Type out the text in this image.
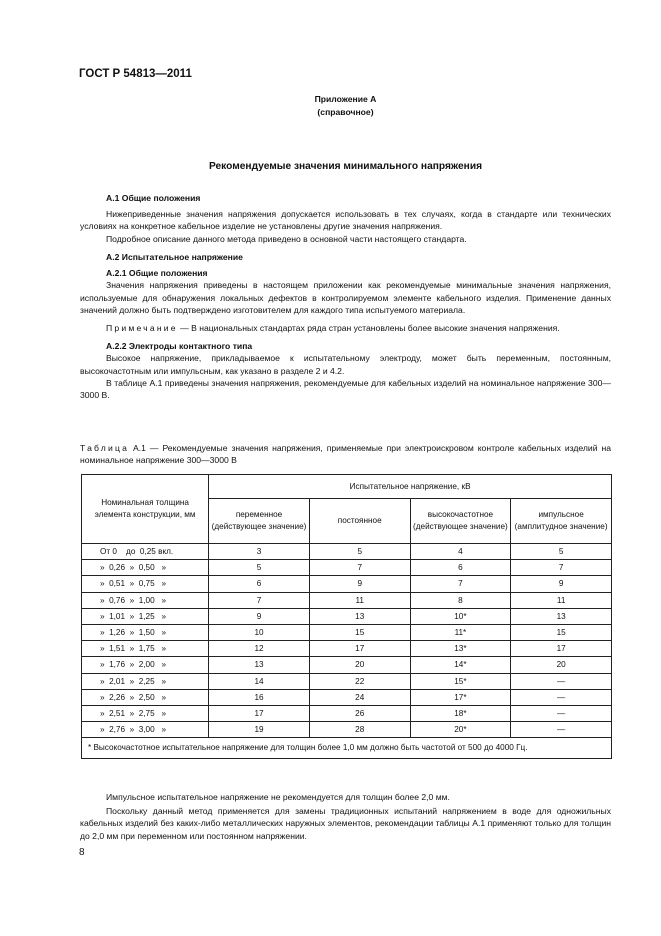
ГОСТ Р 54813—2011
Приложение А
(справочное)
Рекомендуемые значения минимального напряжения

А.1 Общие положения

Нижеприведенные значения напряжения допускается использовать в тех случаях, когда в стандарте или технических условиях на конкретное кабельное изделие не установлены другие значения напряжения.

Подробное описание данного метода приведено в основной части настоящего стандарта.

А.2 Испытательное напряжение

А.2.1 Общие положения

Значения напряжения приведены в настоящем приложении как рекомендуемые минимальные значения напряжения, используемые для обнаружения локальных дефектов в контролируемом элементе кабельного изделия. Применение данных значений должно быть подтверждено изготовителем для каждого типа испытуемого материала.

Примечание — В национальных стандартах ряда стран установлены более высокие значения напряжения.

А.2.2 Электроды контактного типа

Высокое напряжение, прикладываемое к испытательному электроду, может быть переменным, постоянным, высокочастотным или импульсным, как указано в разделе 2 и 4.2.

В таблице А.1 приведены значения напряжения, рекомендуемые для кабельных изделий на номинальное напряжение 300—3000 В.

Таблица А.1 — Рекомендуемые значения напряжения, применяемые при электроискровом контроле кабельных изделий на номинальное напряжение 300—3000 В
Номинальная толщина элемента конструкции, мм	Испытательное напряжение, кВ			
	переменное (действующее значение)	постоянное	высокочастотное (действующее значение)	импульсное (амплитудное значение)
От 0    до  0,25 вкл.	3	5	4	5
»  0,26  »  0,50   »	5	7	6	7
»  0,51  »  0,75   »	6	9	7	9
»  0,76  »  1,00   »	7	11	8	11
»  1,01  »  1,25   »	9	13	10*	13
»  1,26  »  1,50   »	10	15	11*	15
»  1,51  »  1,75   »	12	17	13*	17
»  1,76  »  2,00   »	13	20	14*	20
»  2,01  »  2,25   »	14	22	15*	—
»  2,26  »  2,50   »	16	24	17*	—
»  2,51  »  2,75   »	17	26	18*	—
»  2,76  »  3,00   »	19	28	20*	—
* Высокочастотное испытательное напряжение для толщин более 1,0 мм должно быть частотой от 500 до 4000 Гц.				

Импульсное испытательное напряжение не рекомендуется для толщин более 2,0 мм.

Поскольку данный метод применяется для замены традиционных испытаний напряжением в воде для одножильных кабельных изделий без каких-либо металлических наружных элементов, рекомендации таблицы А.1 применяют только для толщин до 2,0 мм при переменном или постоянном напряжении.

8
